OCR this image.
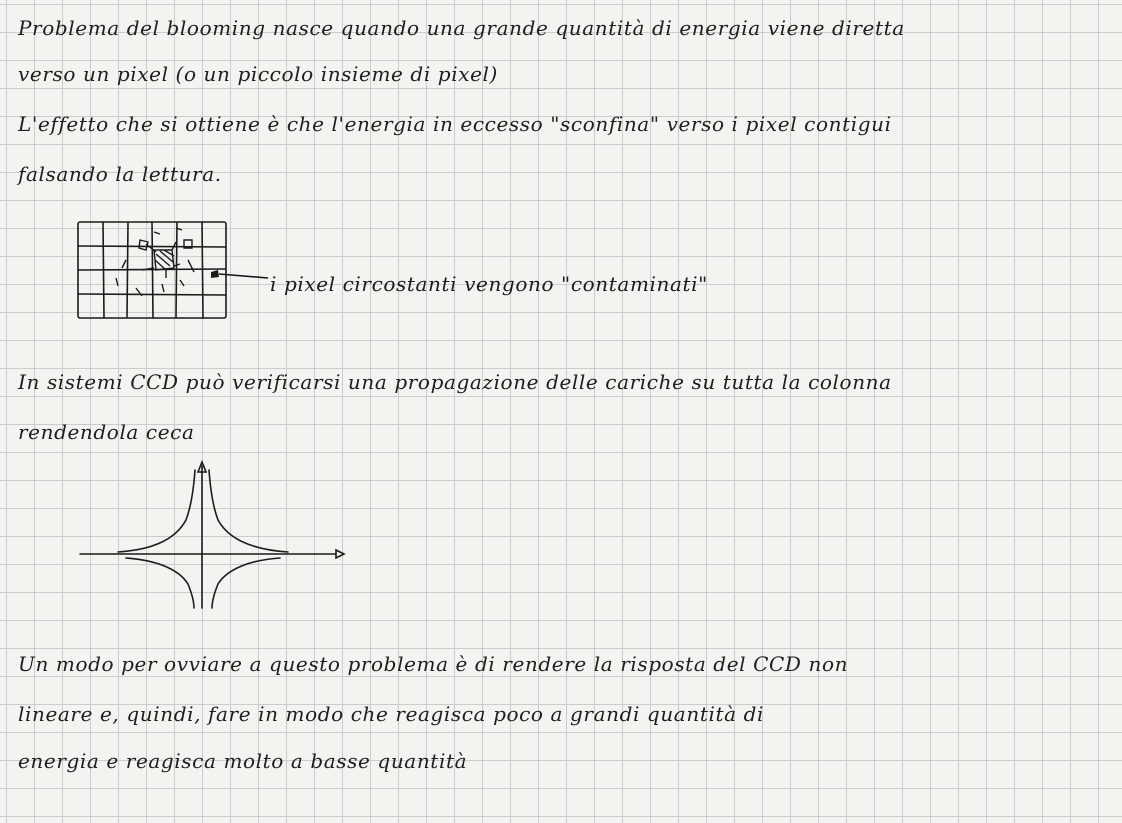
Problema del blooming nasce quando una grande quantità di energia viene diretta
verso un pixel (o un piccolo insieme di pixel)
L'effetto che si ottiene è che l'energia in eccesso "sconfina" verso i pixel contigui
falsando la lettura.
i pixel circostanti vengono "contaminati"
In sistemi CCD può verificarsi una propagazione delle cariche su tutta la colonna
rendendola ceca
Un modo per ovviare a questo problema è di rendere la risposta del CCD non
lineare e, quindi, fare in modo che reagisca poco a grandi quantità di
energia e reagisca molto a basse quantità
